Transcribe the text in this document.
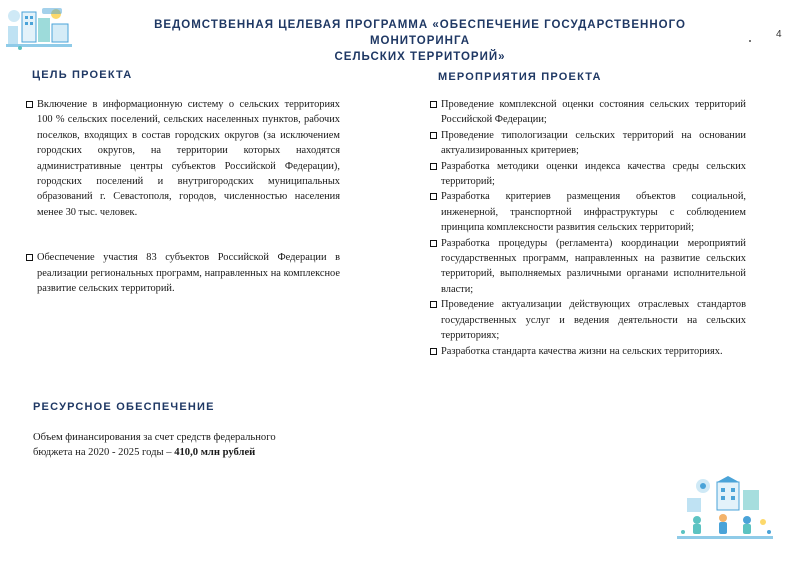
ВЕДОМСТВЕННАЯ ЦЕЛЕВАЯ ПРОГРАММА «ОБЕСПЕЧЕНИЕ ГОСУДАРСТВЕННОГО
МОНИТОРИНГА
СЕЛЬСКИХ ТЕРРИТОРИЙ»
4
ЦЕЛЬ ПРОЕКТА
Включение в информационную систему о сельских территориях 100 % сельских поселений, сельских населенных пунктов, рабочих поселков, входящих в состав городских округов (за исключением городских округов, на территории которых находятся административные центры субъектов Российской Федерации), городских поселений и внутригородских муниципальных образований г. Севастополя, городов, численностью населения менее 30 тыс. человек.
Обеспечение участия 83 субъектов Российской Федерации в реализации региональных программ, направленных на комплексное развитие сельских территорий.
МЕРОПРИЯТИЯ ПРОЕКТА
Проведение комплексной оценки состояния сельских территорий Российской Федерации;
Проведение типологизации сельских территорий на основании актуализированных критериев;
Разработка методики оценки индекса качества среды сельских территорий;
Разработка критериев размещения объектов социальной, инженерной, транспортной инфраструктуры с соблюдением принципа комплексности развития сельских территорий;
Разработка процедуры (регламента) координации мероприятий государственных программ, направленных на развитие сельских территорий, выполняемых различными органами исполнительной власти;
Проведение актуализации действующих отраслевых стандартов государственных услуг и ведения деятельности на сельских территориях;
Разработка стандарта качества жизни на сельских территориях.
РЕСУРСНОЕ ОБЕСПЕЧЕНИЕ
Объем финансирования за счет средств федерального
бюджета на 2020 - 2025 годы – 410,0 млн рублей
